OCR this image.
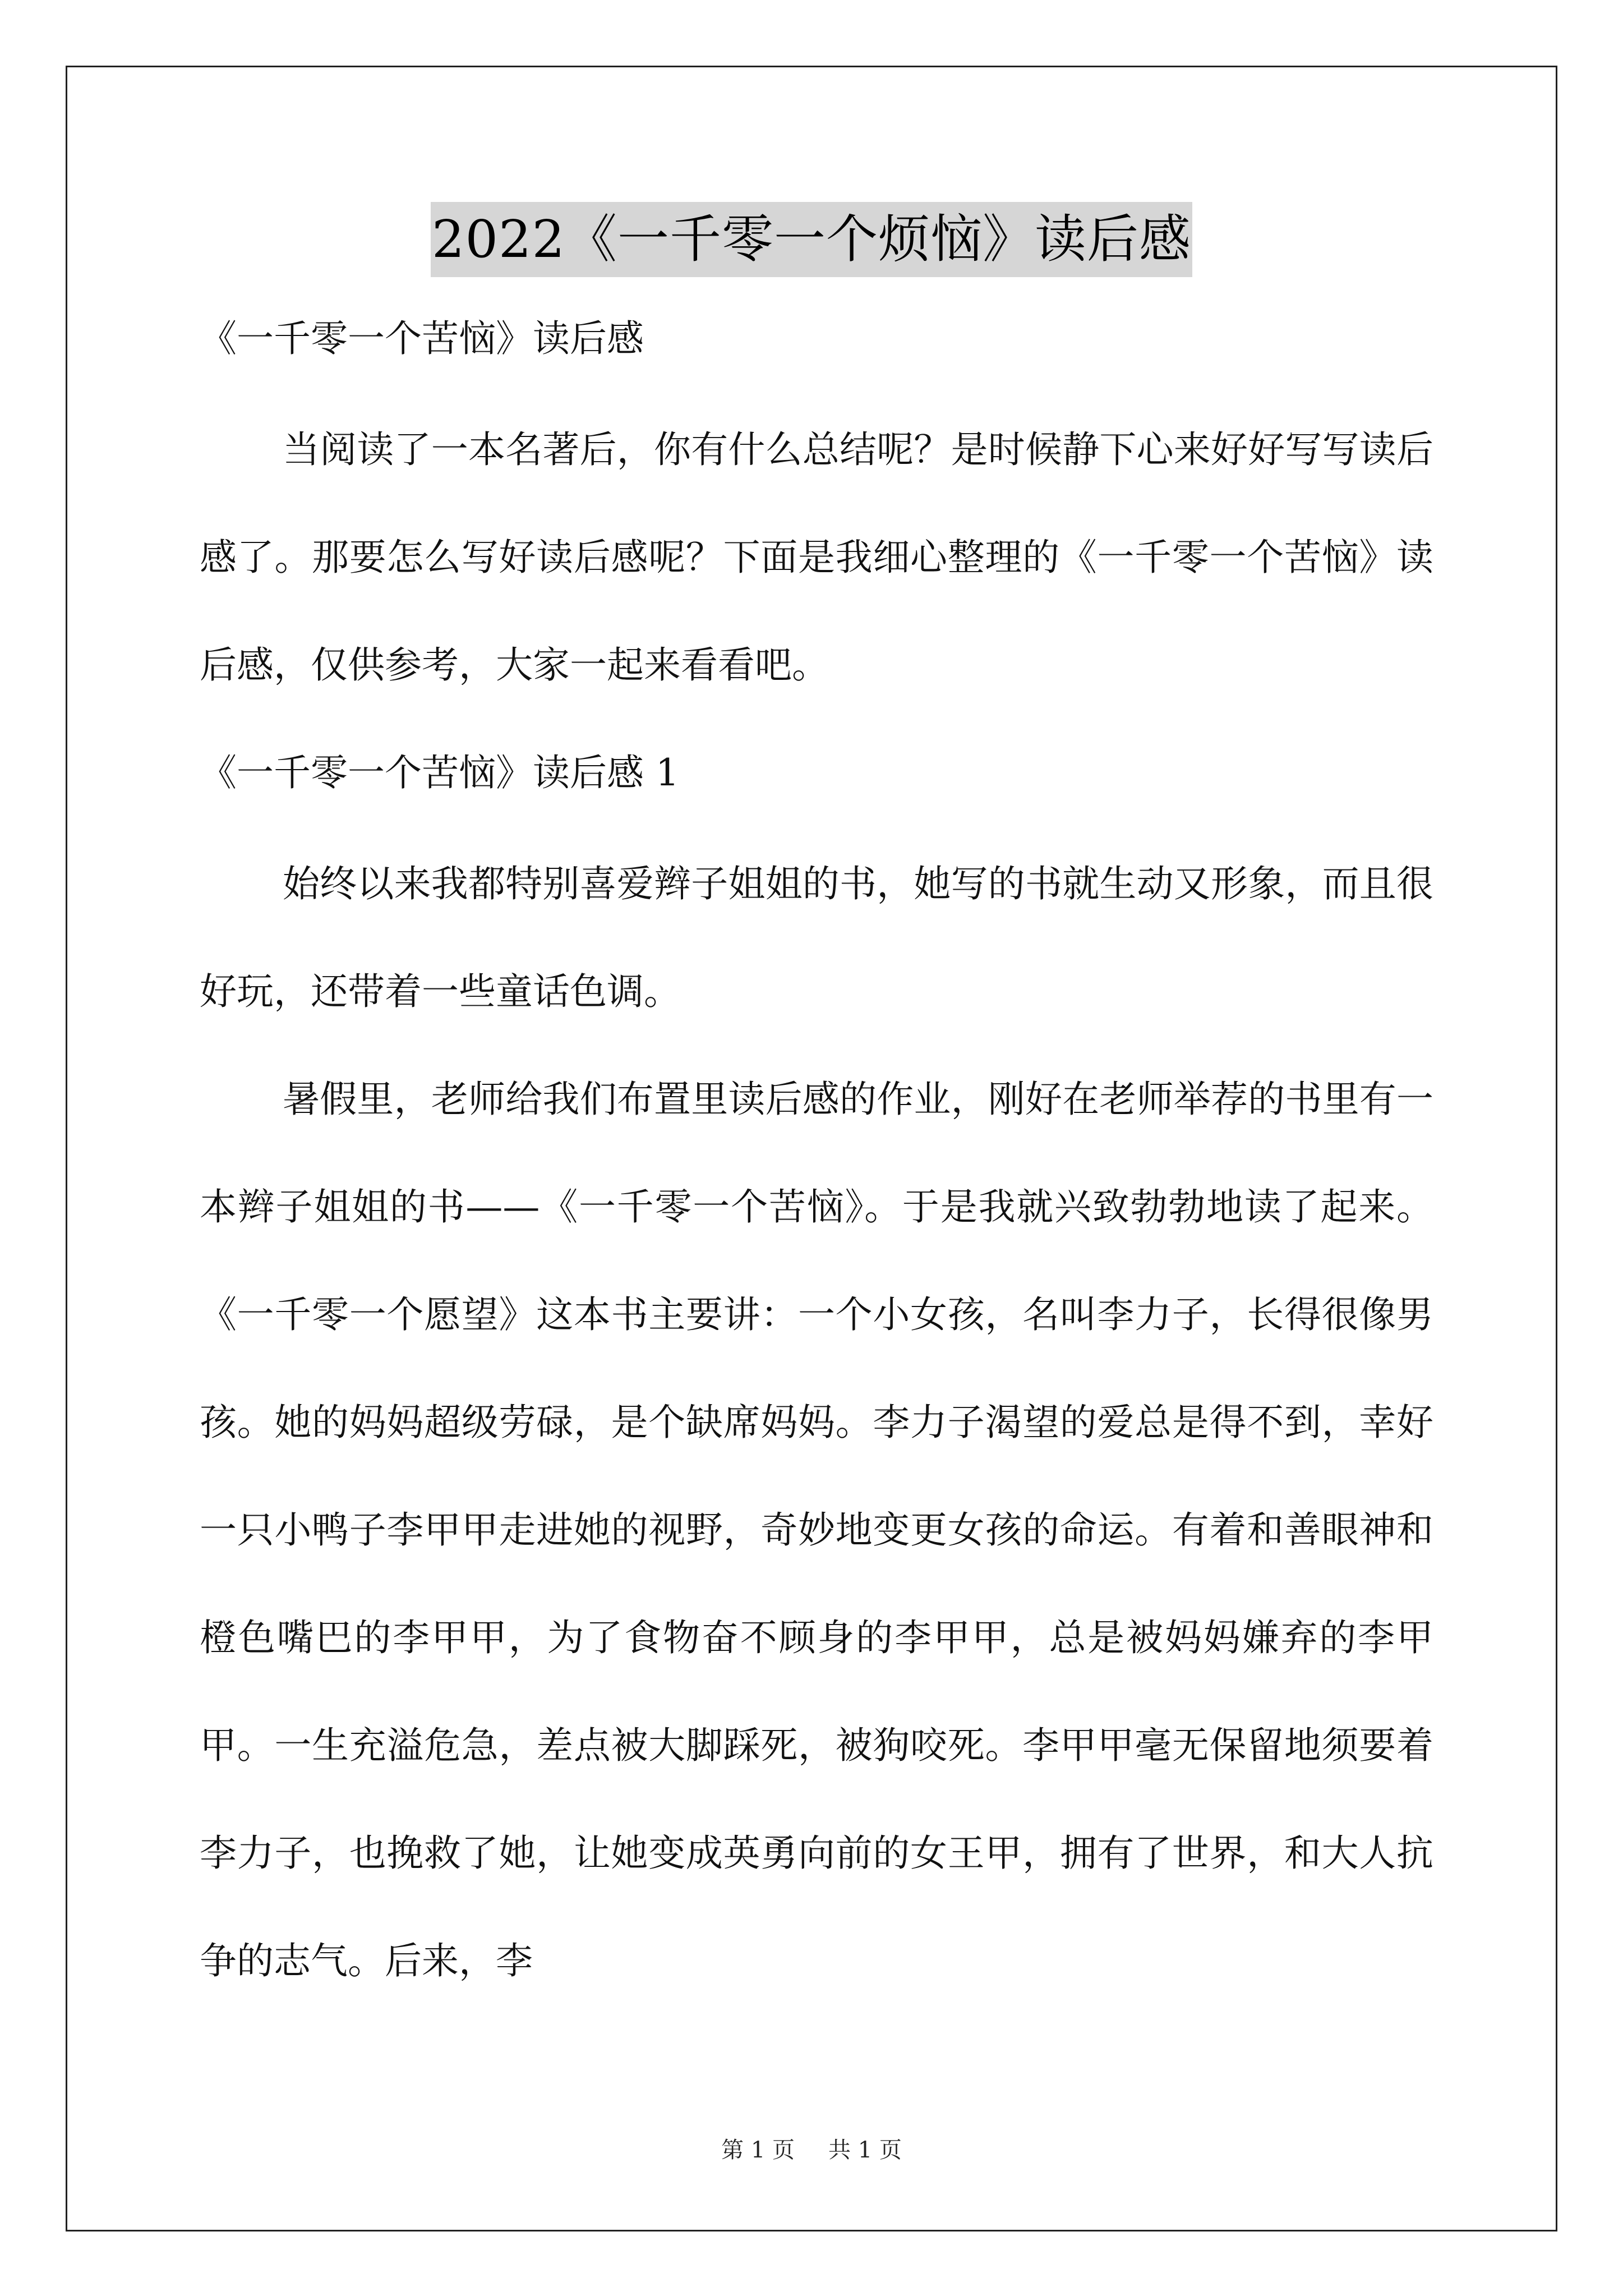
2022《一千零一个烦恼》读后感

《一千零一个苦恼》读后感

当阅读了一本名著后，你有什么总结呢？是时候静下心来好好写写读后感了。那要怎么写好读后感呢？下面是我细心整理的《一千零一个苦恼》读后感，仅供参考，大家一起来看看吧。

《一千零一个苦恼》读后感 1

始终以来我都特别喜爱辫子姐姐的书，她写的书就生动又形象，而且很好玩，还带着一些童话色调。

暑假里，老师给我们布置里读后感的作业，刚好在老师举荐的书里有一本辫子姐姐的书——《一千零一个苦恼》。于是我就兴致勃勃地读了起来。《一千零一个愿望》这本书主要讲：一个小女孩，名叫李力子，长得很像男孩。她的妈妈超级劳碌，是个缺席妈妈。李力子渴望的爱总是得不到，幸好一只小鸭子李甲甲走进她的视野，奇妙地变更女孩的命运。有着和善眼神和橙色嘴巴的李甲甲，为了食物奋不顾身的李甲甲，总是被妈妈嫌弃的李甲甲。一生充溢危急，差点被大脚踩死，被狗咬死。李甲甲毫无保留地须要着李力子，也挽救了她，让她变成英勇向前的女王甲，拥有了世界，和大人抗争的志气。后来，李

第 1 页 共 1 页
